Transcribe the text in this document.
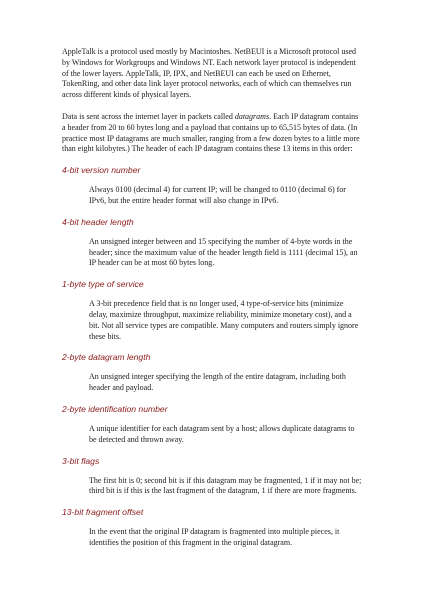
AppleTalk is a protocol used mostly by Macintoshes. NetBEUI is a Microsoft protocol used by Windows for Workgroups and Windows NT. Each network layer protocol is independent of the lower layers. AppleTalk, IP, IPX, and NetBEUI can each be used on Ethernet, TokenRing, and other data link layer protocol networks, each of which can themselves run across different kinds of physical layers.

Data is sent across the internet layer in packets called datagrams. Each IP datagram contains a header from 20 to 60 bytes long and a payload that contains up to 65,515 bytes of data. (In practice most IP datagrams are much smaller, ranging from a few dozen bytes to a little more than eight kilobytes.) The header of each IP datagram contains these 13 items in this order:

4-bit version number

Always 0100 (decimal 4) for current IP; will be changed to 0110 (decimal 6) for IPv6, but the entire header format will also change in IPv6.

4-bit header length

An unsigned integer between and 15 specifying the number of 4-byte words in the header; since the maximum value of the header length field is 1111 (decimal 15), an IP header can be at most 60 bytes long.

1-byte type of service

A 3-bit precedence field that is no longer used, 4 type-of-service bits (minimize delay, maximize throughput, maximize reliability, minimize monetary cost), and a bit. Not all service types are compatible. Many computers and routers simply ignore these bits.

2-byte datagram length

An unsigned integer specifying the length of the entire datagram, including both header and payload.

2-byte identification number

A unique identifier for each datagram sent by a host; allows duplicate datagrams to be detected and thrown away.

3-bit flags

The first bit is 0; second bit is if this datagram may be fragmented, 1 if it may not be; third bit is if this is the last fragment of the datagram, 1 if there are more fragments.

13-bit fragment offset

In the event that the original IP datagram is fragmented into multiple pieces, it identifies the position of this fragment in the original datagram.
